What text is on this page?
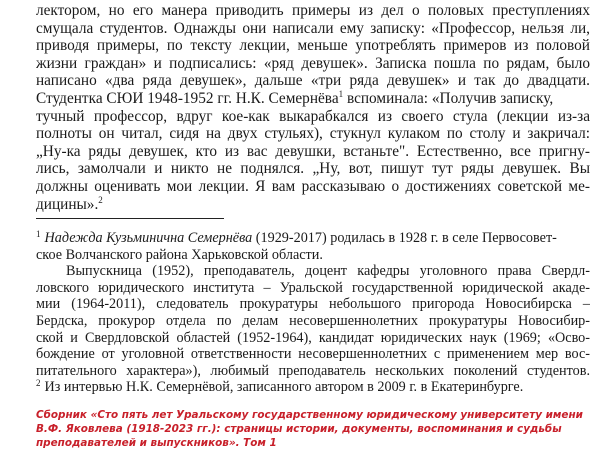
лектором, но его манера приводить примеры из дел о половых преступлениях
смущала студентов. Однажды они написали ему записку: «Профессор, нельзя ли,
приводя примеры, по тексту лекции, меньше употреблять примеров из половой
жизни граждан» и подписались: «ряд девушек». Записка пошла по рядам, было
написано «два ряда девушек», дальше «три ряда девушек» и так до двадцати.
Студентка СЮИ 1948-1952 гг. Н.К. Семернёва$^1$ вспоминала: «Получив записку,
тучный профессор, вдруг кое-как выкарабкался из своего стула (лекции из-за
полноты он читал, сидя на двух стульях), стукнул кулаком по столу и закричал:
„Ну-ка ряды девушек, кто из вас девушки, встаньте". Естественно, все пригну-
лись, замолчали и никто не поднялся. „Ну, вот, пишут тут ряды девушек. Вы
должны оценивать мои лекции. Я вам рассказываю о достижениях советской ме-
дицины».$^2$
$^1$ Надежда Кузьминична Семернёва (1929-2017) родилась в 1928 г. в селе Первосовет-
ское Волчанского района Харьковской области.
Выпускница (1952), преподаватель, доцент кафедры уголовного права Свердл-
ловского юридического института – Уральской государственной юридической акаде-
мии (1964-2011), следователь прокуратуры небольшого пригорода Новосибирска –
Бердска, прокурор отдела по делам несовершеннолетних прокуратуры Новосибир-
ской и Свердловской областей (1952-1964), кандидат юридических наук (1969; «Осво-
бождение от уголовной ответственности несовершеннолетних с применением мер вос-
питательного характера»), любимый преподаватель нескольких поколений студентов.
$^2$ Из интервью Н.К. Семернёвой, записанного автором в 2009 г. в Екатеринбурге.
Сборник «Сто пять лет Уральскому государственному юридическому университету имени
В.Ф. Яковлева (1918-2023 гг.): страницы истории, документы, воспоминания и судьбы
преподавателей и выпускников». Том 1
